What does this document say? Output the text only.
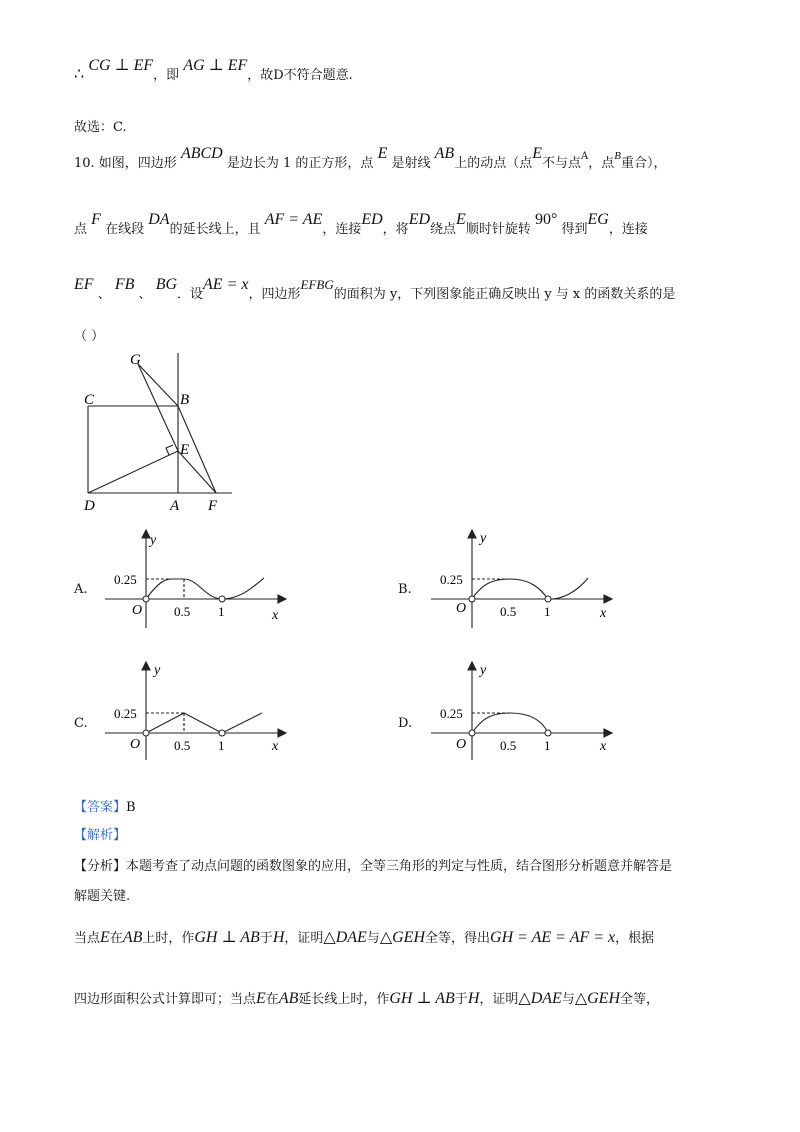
∴ CG ⊥ EF，即 AG ⊥ EF，故D不符合题意.
故选：C.
10. 如图，四边形 ABCD 是边长为 1 的正方形，点 E 是射线 AB上的动点（点E不与点$^A$，点$^B$重合），
点 F 在线段 DA的延长线上，且 AF = AE，连接ED，将ED绕点E顺时针旋转 90° 得到EG，连接
EF 、 FB 、 BG．设AE = x，四边形EFBG的面积为 y，下列图象能正确反映出 y 与 x 的函数关系的是
（ ）
G
C	B
E
D	A F
A.
y
x
O
0.25
0.5 1
B.
y
x
O
0.25
0.5 1
C.
y
x
O
0.25
0.5 1
D.
y
x
O
0.25
0.5 1
【答案】B
【解析】
【分析】本题考查了动点问题的函数图象的应用，全等三角形的判定与性质，结合图形分析题意并解答是
解题关键.
当点E在AB上时，作GH ⊥ AB于H，证明△DAE与△GEH全等，得出GH = AE = AF = x，根据
四边形面积公式计算即可；当点E在AB延长线上时，作GH ⊥ AB于H，证明△DAE与△GEH全等，
